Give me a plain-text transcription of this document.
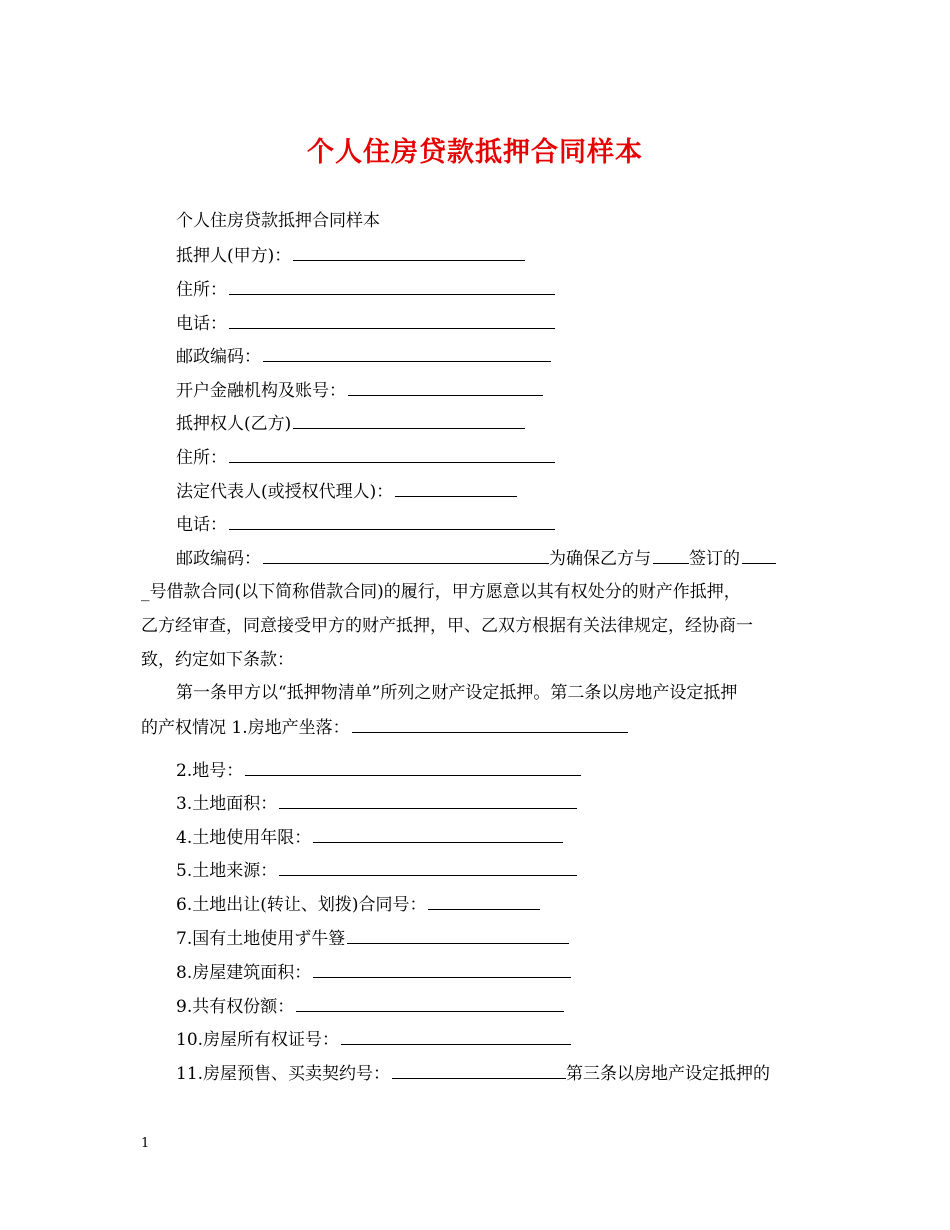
个人住房贷款抵押合同样本
个人住房贷款抵押合同样本
抵押人(甲方)：
住所：
电话：
邮政编码：
开户金融机构及账号：
抵押权人(乙方)
住所：
法定代表人(或授权代理人)：
电话：
邮政编码：	为确保乙方与 签订的
_号借款合同(以下简称借款合同)的履行，甲方愿意以其有权处分的财产作抵押，
乙方经审查，同意接受甲方的财产抵押，甲、乙双方根据有关法律规定，经协商一
致，约定如下条款：
第一条甲方以“抵押物清单”所列之财产设定抵押。第二条以房地产设定抵押
的产权情况 1.房地产坐落：
2.地号：
3.土地面积：
4.土地使用年限：
5.土地来源：
6.土地出让(转让、划拨)合同号：
7.国有土地使用ず牛簦
8.房屋建筑面积：
9.共有权份额：
10.房屋所有权证号：
11.房屋预售、买卖契约号：	第三条以房地产设定抵押的
1
